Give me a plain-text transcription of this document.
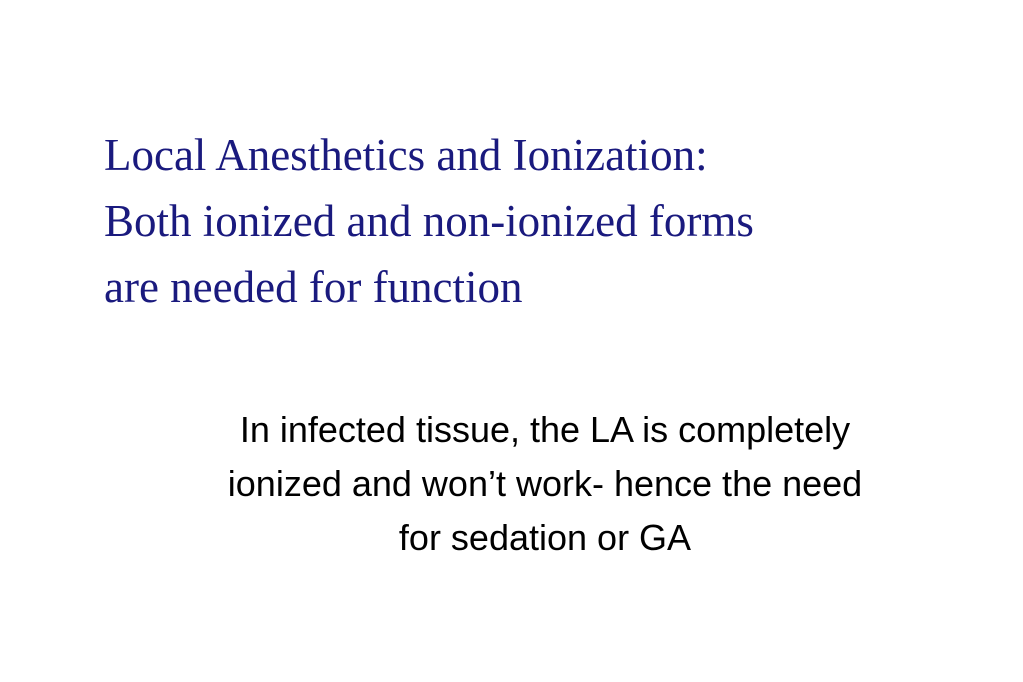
Local Anesthetics and Ionization:
Both ionized and non-ionized forms
are needed for function

In infected tissue, the LA is completely
ionized and won’t work- hence the need
for sedation or GA
